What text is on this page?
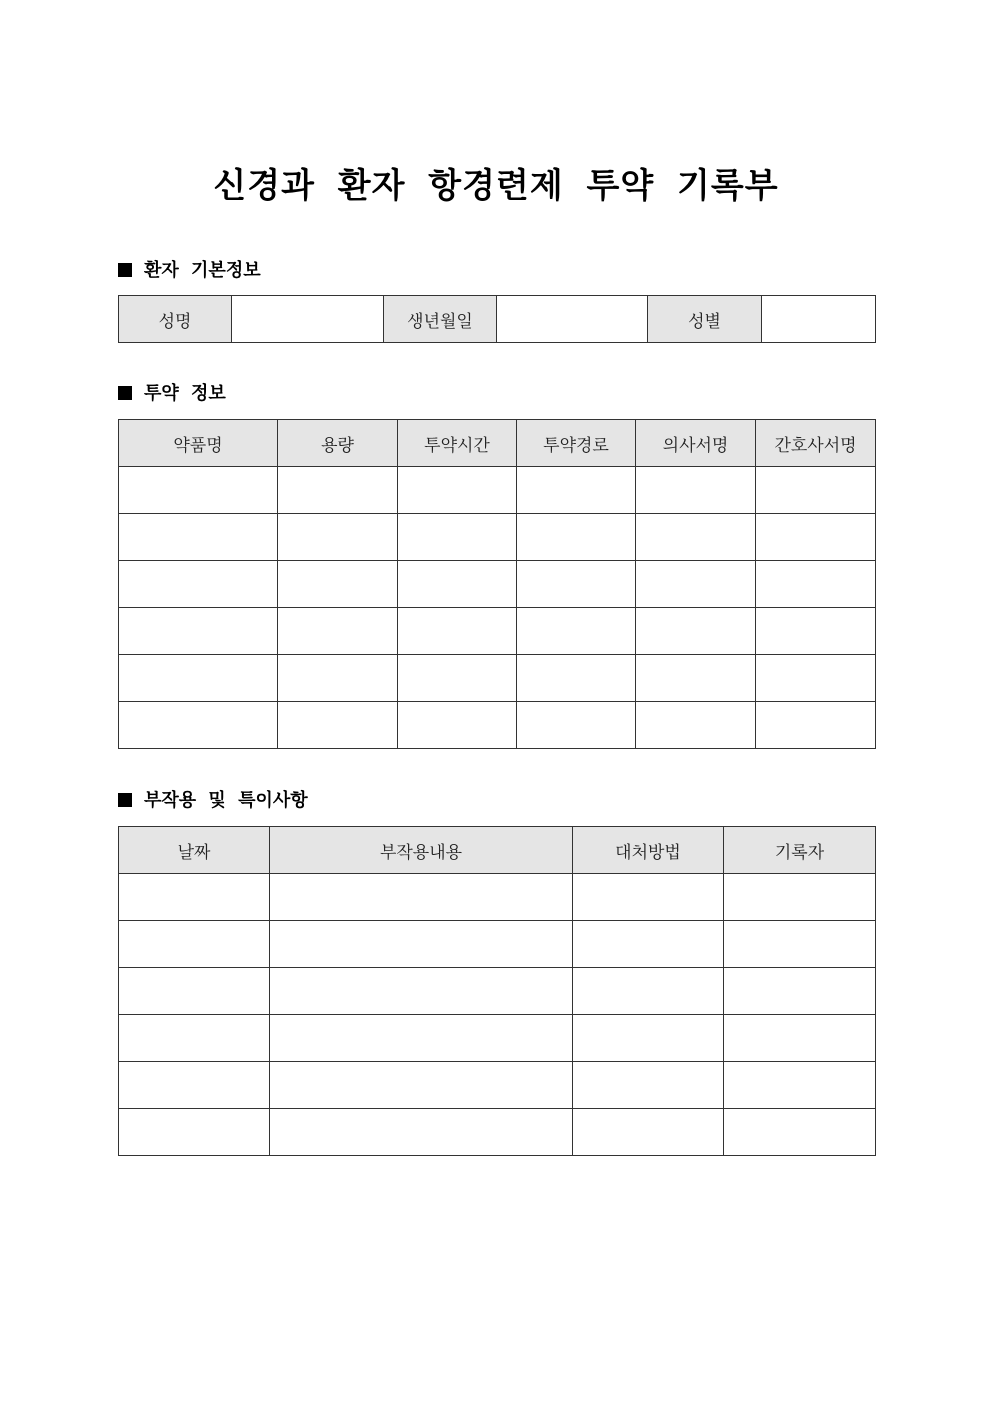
신경과 환자 항경련제 투약 기록부
환자 기본정보
성명		생년월일		성별	
투약 정보
약품명	용량	투약시간	투약경로	의사서명	간호사서명

부작용 및 특이사항
날짜	부작용내용	대처방법	기록자
